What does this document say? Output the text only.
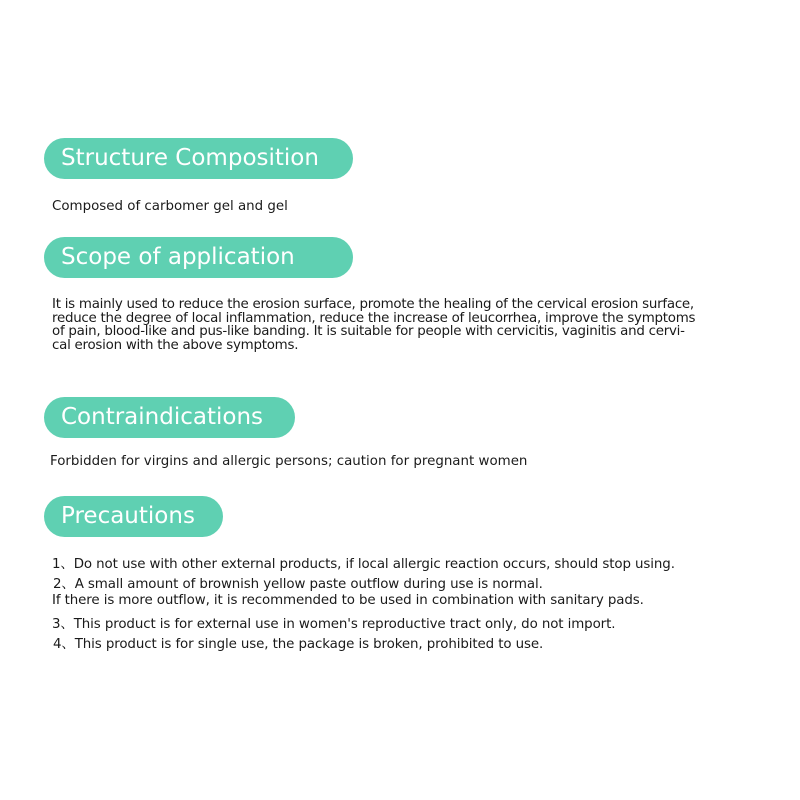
Structure Composition
Composed of carbomer gel and gel
Scope of application
It is mainly used to reduce the erosion surface, promote the healing of the cervical erosion surface,
reduce the degree of local inflammation, reduce the increase of leucorrhea, improve the symptoms
of pain, blood-like and pus-like banding. It is suitable for people with cervicitis, vaginitis and cervi-
cal erosion with the above symptoms.
Contraindications
Forbidden for virgins and allergic persons; caution for pregnant women
Precautions
1、Do not use with other external products, if local allergic reaction occurs, should stop using.
2、A small amount of brownish yellow paste outflow during use is normal.
If there is more outflow, it is recommended to be used in combination with sanitary pads.
3、This product is for external use in women's reproductive tract only, do not import.
4、This product is for single use, the package is broken, prohibited to use.
